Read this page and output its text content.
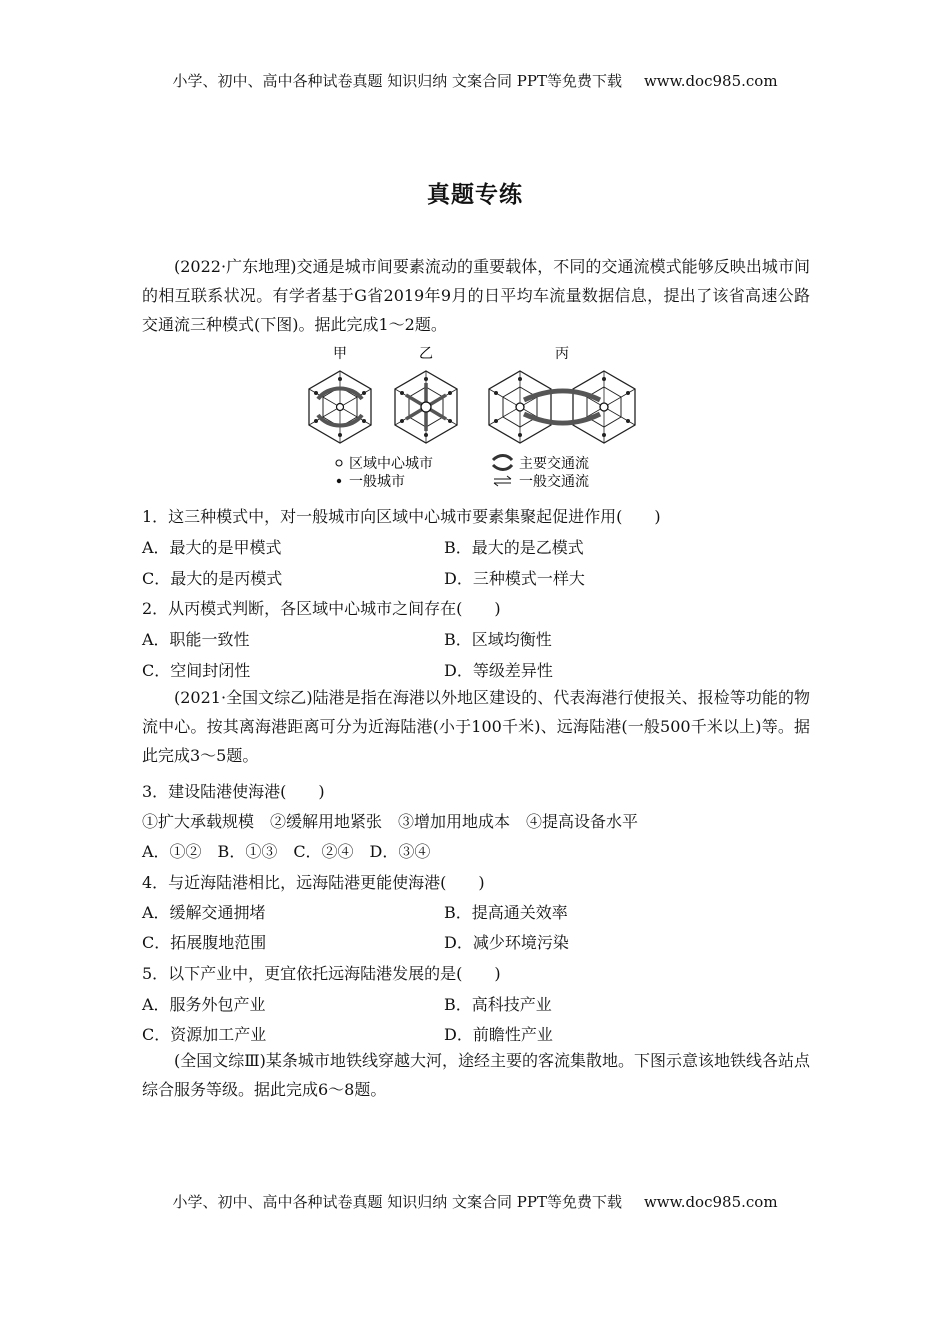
小学、初中、高中各种试卷真题 知识归纳 文案合同 PPT等免费下载 www.doc985.com
真题专练
(2022·广东地理)交通是城市间要素流动的重要载体，不同的交通流模式能够反映出城市间的相互联系状况。有学者基于G省2019年9月的日平均车流量数据信息，提出了该省高速公路交通流三种模式(下图)。据此完成1～2题。
甲	乙	丙
区域中心城市
一般城市
主要交通流
一般交通流
1．这三种模式中，对一般城市向区域中心城市要素集聚起促进作用(　　)
A．最大的是甲模式	B．最大的是乙模式
C．最大的是丙模式	D．三种模式一样大
2．从丙模式判断，各区域中心城市之间存在(　　)
A．职能一致性	B．区域均衡性
C．空间封闭性	D．等级差异性
(2021·全国文综乙)陆港是指在海港以外地区建设的、代表海港行使报关、报检等功能的物流中心。按其离海港距离可分为近海陆港(小于100千米)、远海陆港(一般500千米以上)等。据此完成3～5题。
3．建设陆港使海港(　　)
①扩大承载规模　②缓解用地紧张　③增加用地成本　④提高设备水平
A．①②　B．①③　C．②④　D．③④
4．与近海陆港相比，远海陆港更能使海港(　　)
A．缓解交通拥堵	B．提高通关效率
C．拓展腹地范围	D．减少环境污染
5．以下产业中，更宜依托远海陆港发展的是(　　)
A．服务外包产业	B．高科技产业
C．资源加工产业	D．前瞻性产业
(全国文综Ⅲ)某条城市地铁线穿越大河，途经主要的客流集散地。下图示意该地铁线各站点综合服务等级。据此完成6～8题。
小学、初中、高中各种试卷真题 知识归纳 文案合同 PPT等免费下载 www.doc985.com
